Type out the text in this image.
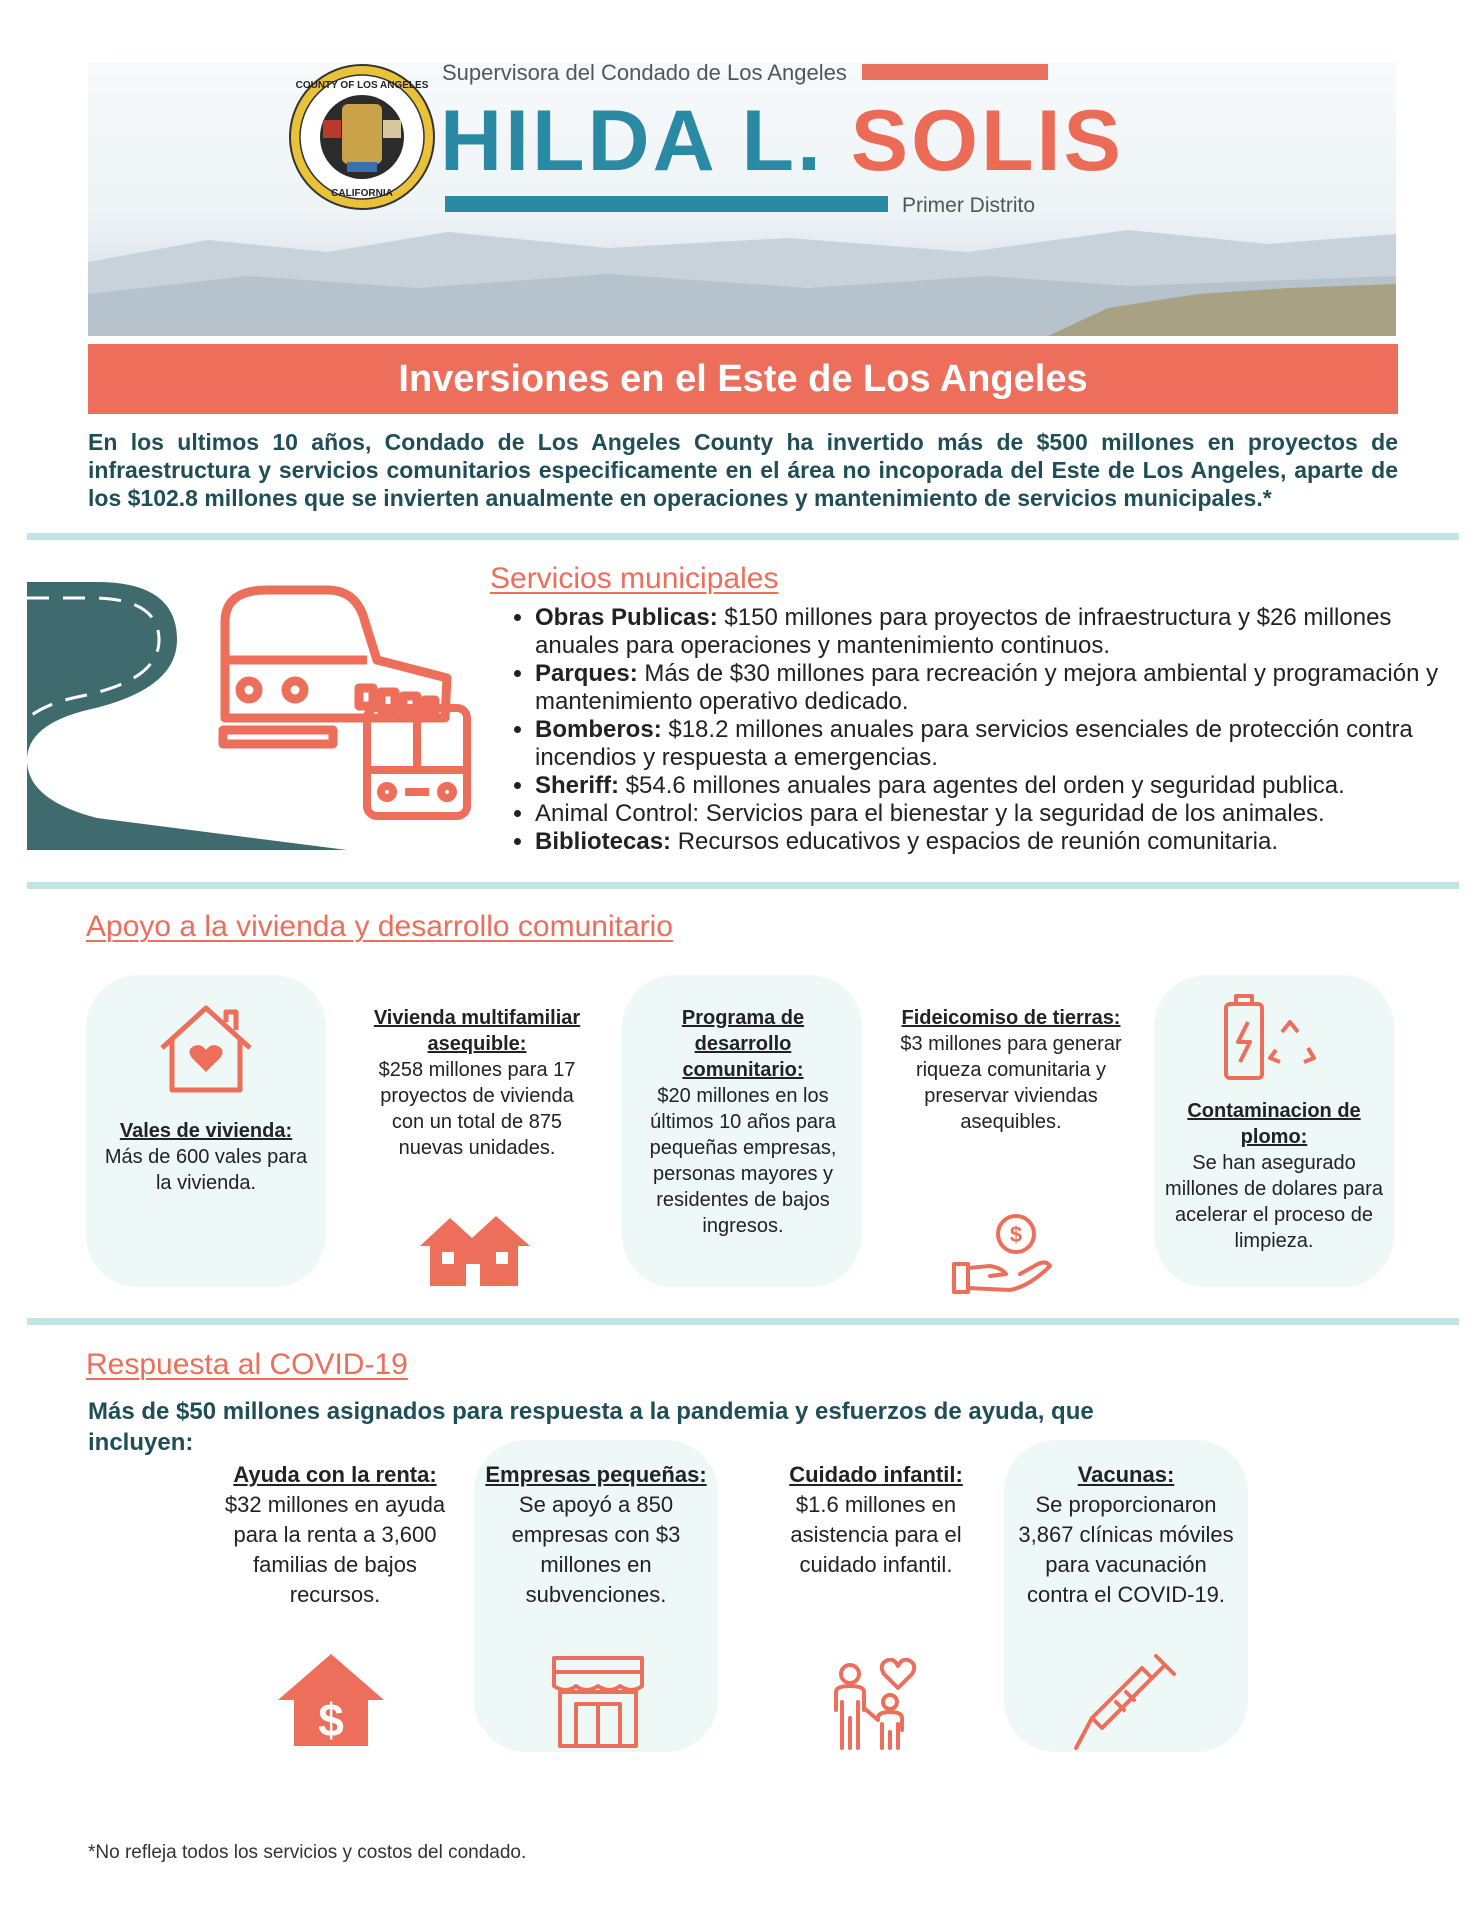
COUNTY OF LOS ANGELES
CALIFORNIA
Supervisora del Condado de Los Angeles
HILDA L. SOLIS
Primer Distrito
Inversiones en el Este de Los Angeles
En los ultimos 10 años, Condado de Los Angeles County ha invertido más de $500 millones en proyectos de infraestructura y servicios comunitarios especificamente en el área no incoporada del Este de Los Angeles, aparte de los $102.8 millones que se invierten anualmente en operaciones y mantenimiento de servicios municipales.*
Servicios municipales
• Obras Publicas: $150 millones para proyectos de infraestructura y $26 millones anuales para operaciones y mantenimiento continuos.
• Parques: Más de $30 millones para recreación y mejora ambiental y programación y mantenimiento operativo dedicado.
• Bomberos: $18.2 millones anuales para servicios esenciales de protección contra incendios y respuesta a emergencias.
• Sheriff: $54.6 millones anuales para agentes del orden y seguridad publica.
• Animal Control: Servicios para el bienestar y la seguridad de los animales.
• Bibliotecas: Recursos educativos y espacios de reunión comunitaria.
Apoyo a la vivienda y desarrollo comunitario
Vales de vivienda:
Más de 600 vales para la vivienda.
Vivienda multifamiliar asequible:
$258 millones para 17 proyectos de vivienda con un total de 875 nuevas unidades.
Programa de desarrollo comunitario:
$20 millones en los últimos 10 años para pequeñas empresas, personas mayores y residentes de bajos ingresos.
Fideicomiso de tierras:
$3 millones para generar riqueza comunitaria y preservar viviendas asequibles.
$
Contaminacion de plomo:
Se han asegurado millones de dolares para acelerar el proceso de limpieza.
Respuesta al COVID-19
Más de $50 millones asignados para respuesta a la pandemia y esfuerzos de ayuda, que incluyen:
Ayuda con la renta:
$32 millones en ayuda para la renta a 3,600 familias de bajos recursos.
$
Empresas pequeñas:
Se apoyó a 850 empresas con $3 millones en subvenciones.
Cuidado infantil:
$1.6 millones en asistencia para el cuidado infantil.
Vacunas:
Se proporcionaron 3,867 clínicas móviles para vacunación contra el COVID-19.
*No refleja todos los servicios y costos del condado.
